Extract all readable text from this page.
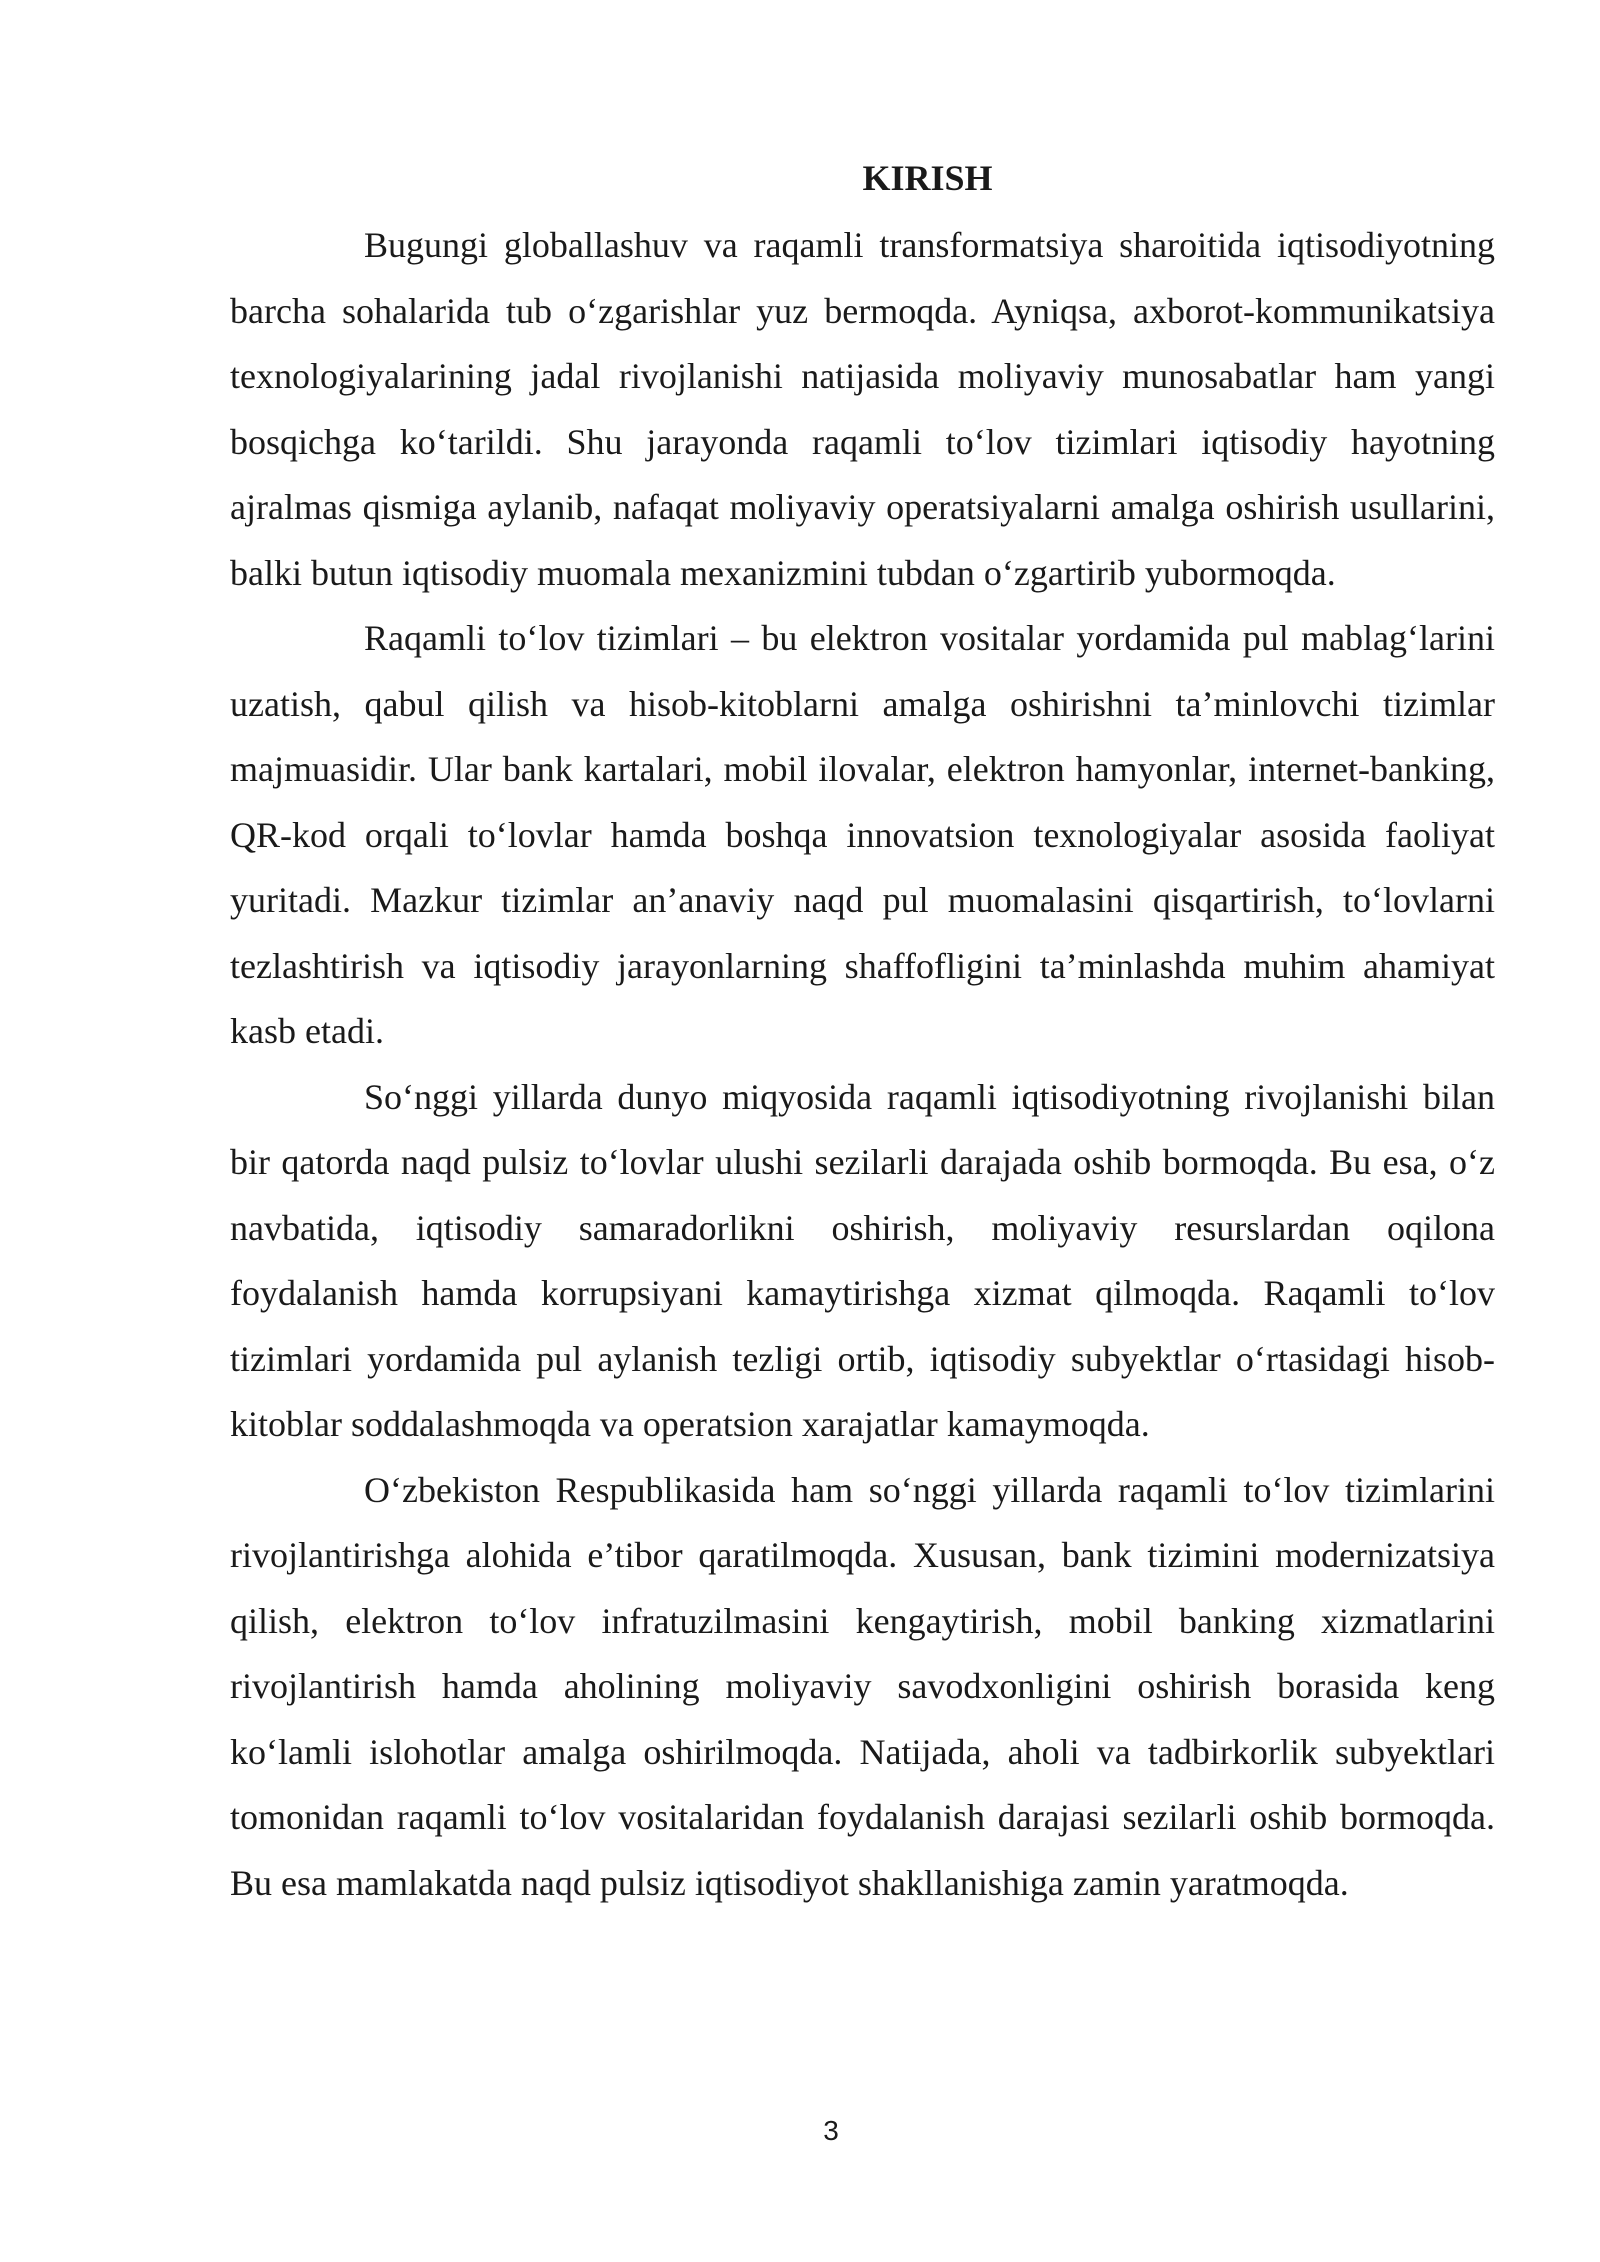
KIRISH

Bugungi globallashuv va raqamli transformatsiya sharoitida iqtisodiyotning barcha sohalarida tub o‘zgarishlar yuz bermoqda. Ayniqsa, axborot-kommunikatsiya texnologiyalarining jadal rivojlanishi natijasida moliyaviy munosabatlar ham yangi bosqichga ko‘tarildi. Shu jarayonda raqamli to‘lov tizimlari iqtisodiy hayotning ajralmas qismiga aylanib, nafaqat moliyaviy operatsiyalarni amalga oshirish usullarini, balki butun iqtisodiy muomala mexanizmini tubdan o‘zgartirib yubormoqda.

Raqamli to‘lov tizimlari – bu elektron vositalar yordamida pul mablag‘larini uzatish, qabul qilish va hisob-kitoblarni amalga oshirishni ta’minlovchi tizimlar majmuasidir. Ular bank kartalari, mobil ilovalar, elektron hamyonlar, internet-banking, QR-kod orqali to‘lovlar hamda boshqa innovatsion texnologiyalar asosida faoliyat yuritadi. Mazkur tizimlar an’anaviy naqd pul muomalasini qisqartirish, to‘lovlarni tezlashtirish va iqtisodiy jarayonlarning shaffofligini ta’minlashda muhim ahamiyat kasb etadi.

So‘nggi yillarda dunyo miqyosida raqamli iqtisodiyotning rivojlanishi bilan bir qatorda naqd pulsiz to‘lovlar ulushi sezilarli darajada oshib bormoqda. Bu esa, o‘z navbatida, iqtisodiy samaradorlikni oshirish, moliyaviy resurslardan oqilona foydalanish hamda korrupsiyani kamaytirishga xizmat qilmoqda. Raqamli to‘lov tizimlari yordamida pul aylanish tezligi ortib, iqtisodiy subyektlar o‘rtasidagi hisob-kitoblar soddalashmoqda va operatsion xarajatlar kamaymoqda.

O‘zbekiston Respublikasida ham so‘nggi yillarda raqamli to‘lov tizimlarini rivojlantirishga alohida e’tibor qaratilmoqda. Xususan, bank tizimini modernizatsiya qilish, elektron to‘lov infratuzilmasini kengaytirish, mobil banking xizmatlarini rivojlantirish hamda aholining moliyaviy savodxonligini oshirish borasida keng ko‘lamli islohotlar amalga oshirilmoqda. Natijada, aholi va tadbirkorlik subyektlari tomonidan raqamli to‘lov vositalaridan foydalanish darajasi sezilarli oshib bormoqda. Bu esa mamlakatda naqd pulsiz iqtisodiyot shakllanishiga zamin yaratmoqda.

3
